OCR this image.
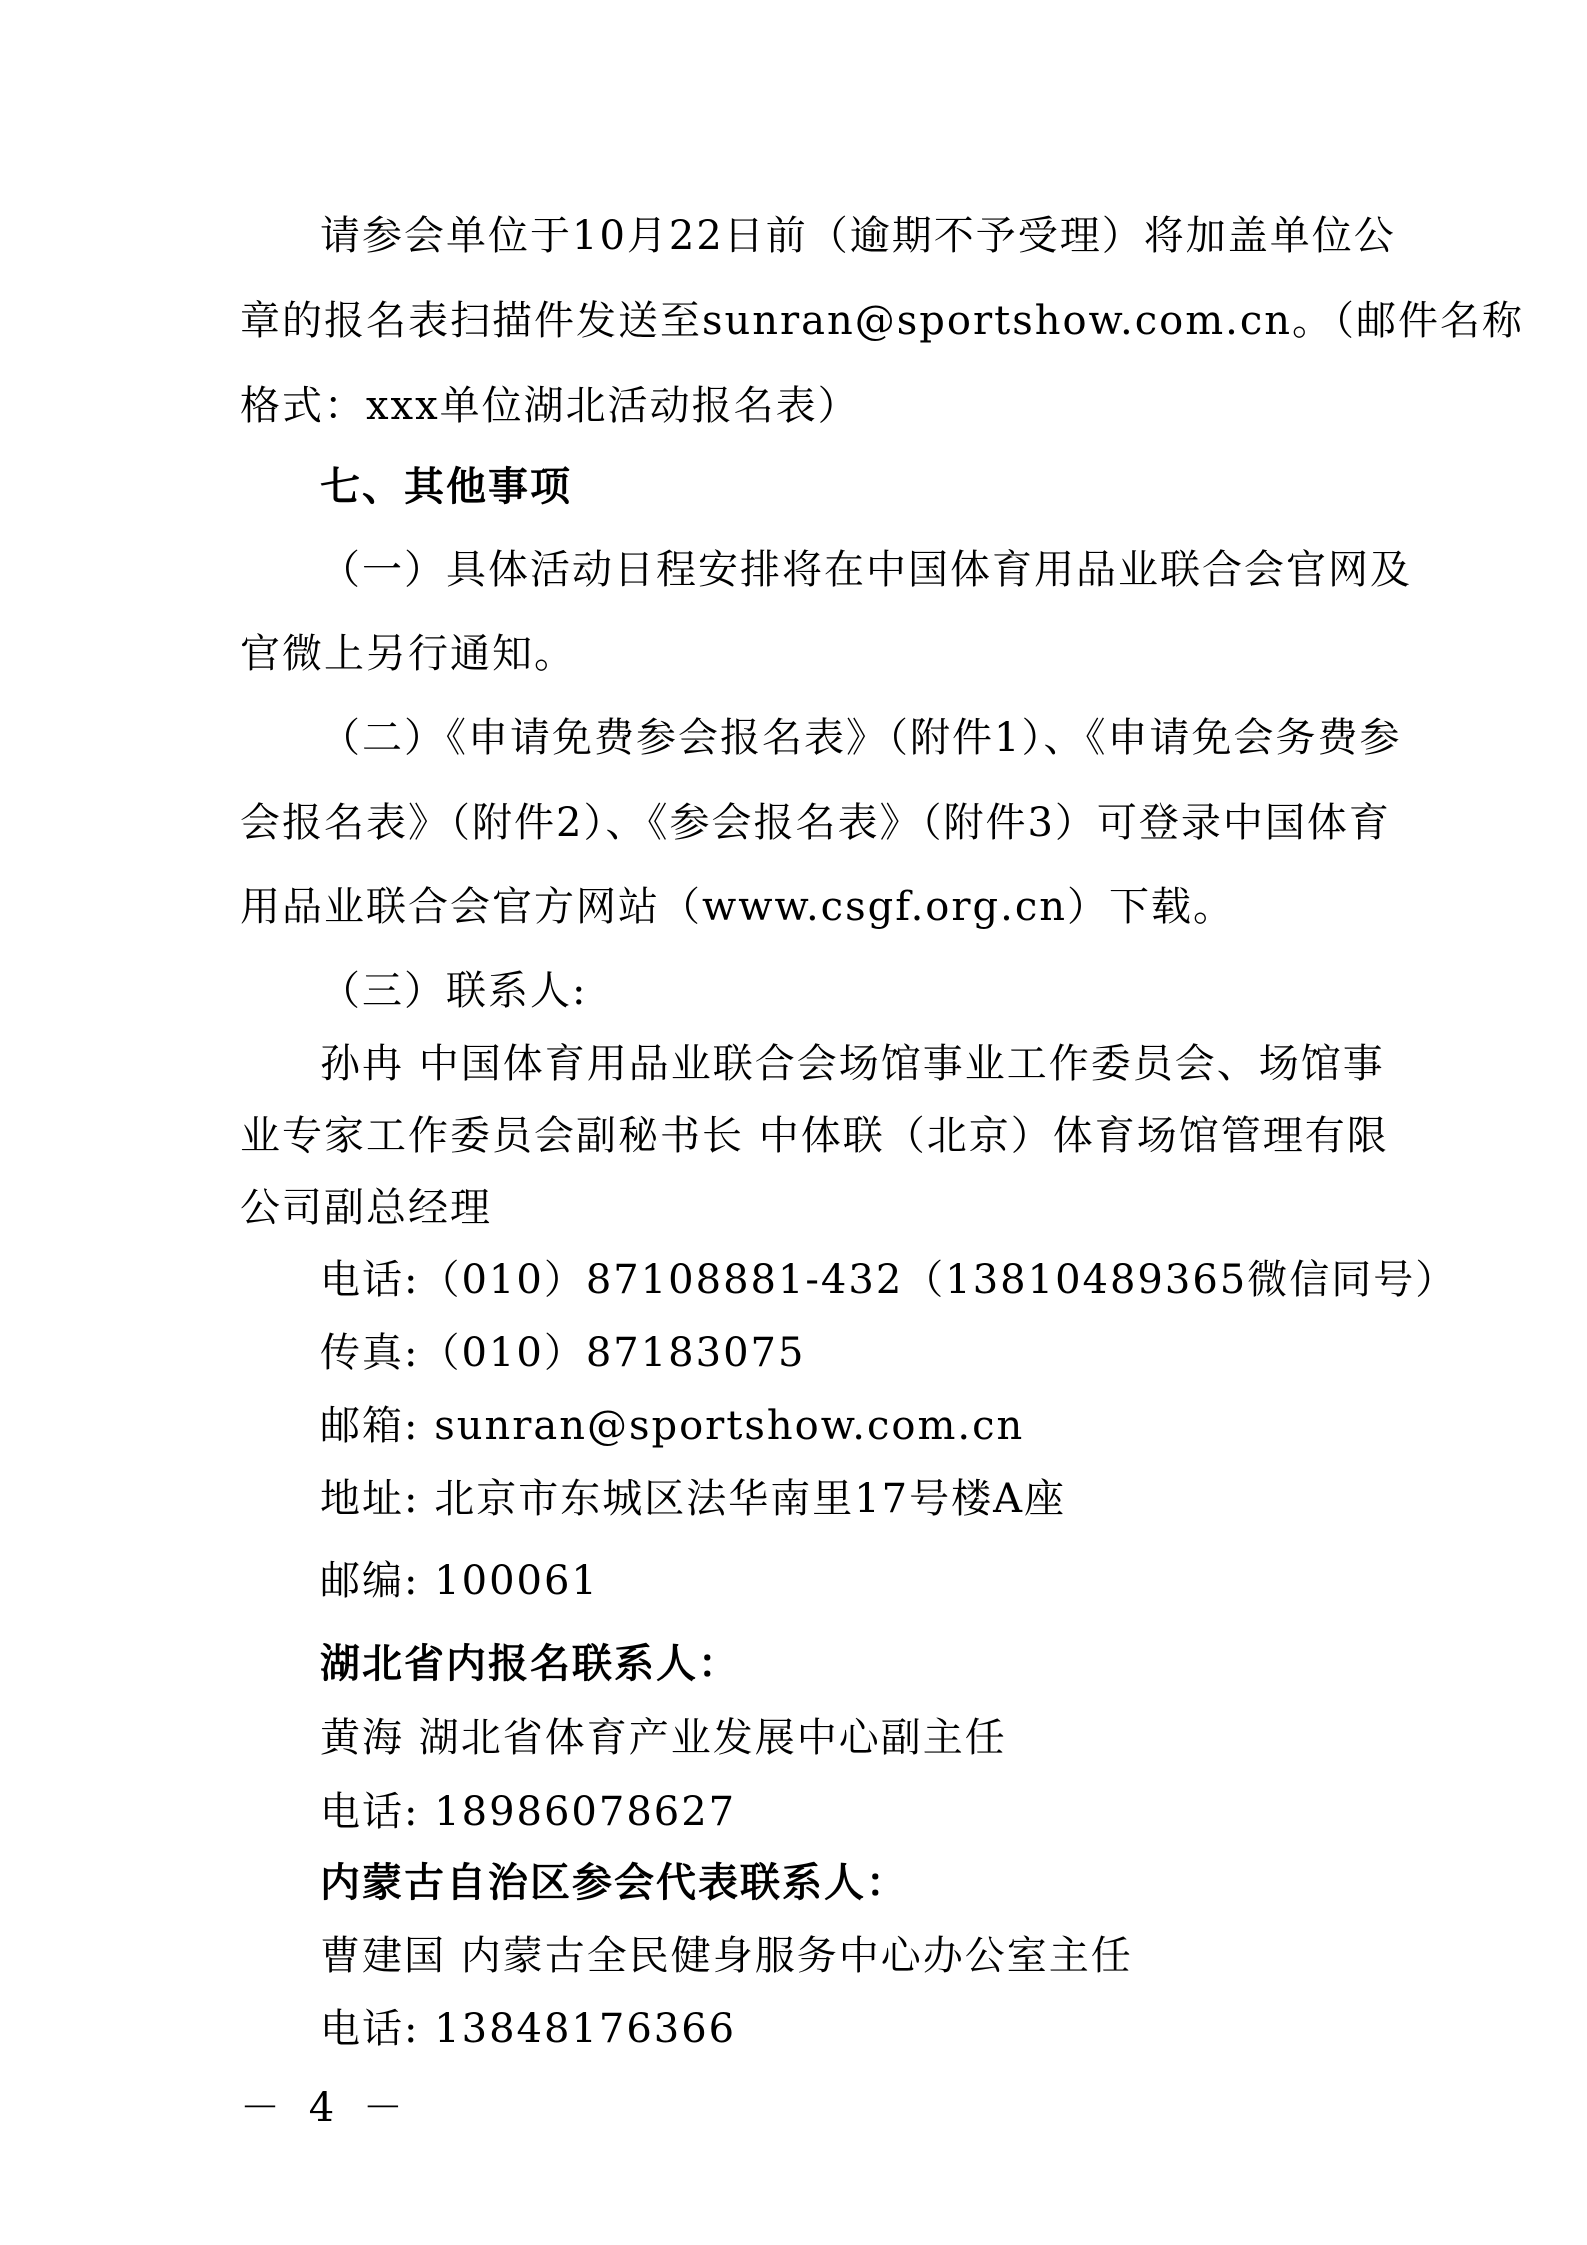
请参会单位于10月22日前（逾期不予受理）将加盖单位公
章的报名表扫描件发送至sunran@sportshow.com.cn。（邮件名称
格式：xxx单位湖北活动报名表）
七、其他事项
（一）具体活动日程安排将在中国体育用品业联合会官网及
官微上另行通知。
（二）《申请免费参会报名表》（附件1）、《申请免会务费参
会报名表》（附件2）、《参会报名表》（附件3）可登录中国体育
用品业联合会官方网站（www.csgf.org.cn）下载。
（三）联系人:
孙冉 中国体育用品业联合会场馆事业工作委员会、场馆事
业专家工作委员会副秘书长 中体联（北京）体育场馆管理有限
公司副总经理
电话:（010）87108881-432（13810489365微信同号）
传真:（010）87183075
邮箱: sunran@sportshow.com.cn
地址: 北京市东城区法华南里17号楼A座
邮编: 100061
湖北省内报名联系人：
黄海 湖北省体育产业发展中心副主任
电话: 18986078627
内蒙古自治区参会代表联系人：
曹建国 内蒙古全民健身服务中心办公室主任
电话: 13848176366
－ 4 －
